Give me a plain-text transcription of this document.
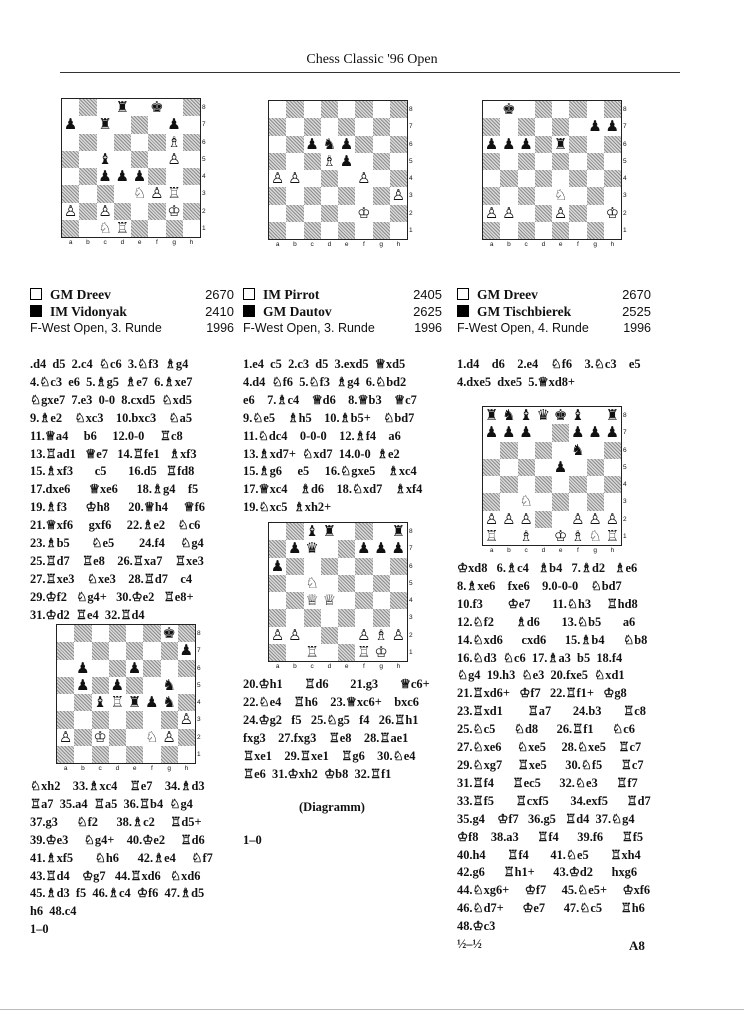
Chess Classic '96 Open
♜ ♚
♟ ♜	♟
♗
♝	♙
♟ ♟ ♟
♘ ♙ ♖
♙ ♙	♔
♘ ♖
♟ ♞ ♟
♗ ♟
♙ ♙	♙
♙
♔
♚
♟ ♟
♟ ♟ ♟ ♜
♘
♙ ♙	♙	♔
♝ ♜	♜
♟ ♛	♟ ♟ ♟
♟
♘
♕ ♕
♙ ♙	♙ ♗ ♙
♖	♖ ♔
♜ ♞ ♝ ♛ ♚ ♝ ♜
♟ ♟ ♟	♟ ♟ ♟
♞
♟
♘
♙ ♙ ♙	♙ ♙ ♙
♖ ♗ ♔ ♗ ♘ ♖
♚
♟
♟	♟
♟ ♟	♞
♝ ♖ ♜ ♟ ♞
♙
♙ ♔	♘ ♙
GM Dreev	2670
IM Vidonyak	2410
F-West Open, 3. Runde	1996
.d4  d5  2.c4  ♘c6  3.♘f3  ♗g4
4.♘c3  e6  5.♗g5  ♗e7  6.♗xe7
♘gxe7  7.e3  0-0  8.cxd5  ♘xd5
9.♗e2    ♘xc3    10.bxc3    ♘a5
11.♕a4     b6     12.0-0     ♖c8
13.♖ad1   ♕e7   14.♖fe1   ♗xf3
15.♗xf3       c5       16.d5   ♖fd8
17.dxe6      ♕xe6      18.♗g4    f5
19.♗f3      ♔h8      20.♕h4     ♕f6
21.♕xf6     gxf6     22.♗e2    ♘c6
23.♗b5       ♘e5        24.f4     ♘g4
25.♖d7    ♖e8    26.♖xa7    ♖xe3
27.♖xe3    ♘xe3    28.♖d7    c4
29.♔f2   ♘g4+   30.♔e2   ♖e8+
31.♔d2  ♖e4  32.♖d4
♘xh2    33.♗xc4    ♖e7    34.♗d3
♖a7  35.a4  ♖a5  36.♖b4  ♘g4
37.g3      ♘f2      38.♗c2     ♖d5+
39.♔e3     ♘g4+    40.♔e2     ♖d6
41.♗xf5       ♘h6      42.♗e4     ♘f7
43.♖d4    ♔g7   44.♖xd6   ♘xd6
45.♗d3  f5  46.♗c4  ♔f6  47.♗d5
h6  48.c4
1–0
IM Pirrot	2405
GM Dautov	2625
F-West Open, 3. Runde	1996
1.e4  c5  2.c3  d5  3.exd5  ♕xd5
4.d4  ♘f6  5.♘f3  ♗g4  6.♘bd2
e6    7.♗c4    ♕d6    8.♕b3    ♕c7
9.♘e5    ♗h5    10.♗b5+    ♘bd7
11.♘dc4    0-0-0    12.♗f4    a6
13.♗xd7+  ♘xd7  14.0-0  ♗e2
15.♗g6     e5     16.♘gxe5    ♗xc4
17.♕xc4    ♗d6    18.♘xd7    ♗xf4
19.♘xc5  ♗xh2+
20.♔h1       ♖d6       21.g3       ♕c6+
22.♘e4    ♖h6    23.♕xc6+    bxc6
24.♔g2   f5   25.♘g5   f4   26.♖h1
fxg3    27.fxg3    ♖e8    28.♖ae1
♖xe1    29.♖xe1    ♖g6    30.♘e4
♖e6  31.♔xh2  ♔b8  32.♖f1
(Diagramm)
1–0
GM Dreev	2670
GM Tischbierek	2525
F-West Open, 4. Runde	1996
1.d4    d6    2.e4    ♘f6    3.♘c3    e5
4.dxe5  dxe5  5.♕xd8+
♔xd8   6.♗c4   ♗b4   7.♗d2   ♗e6
8.♗xe6    fxe6    9.0-0-0    ♘bd7
10.f3        ♔e7       11.♘h3     ♖hd8
12.♘f2       ♗d6       13.♘b5       a6
14.♘xd6      cxd6      15.♗b4      ♘b8
16.♘d3  ♘c6  17.♗a3  b5  18.f4
♘g4  19.h3  ♘e3  20.fxe5  ♘xd1
21.♖xd6+   ♔f7   22.♖f1+   ♔g8
23.♖xd1        ♖a7       24.b3       ♖c8
25.♘c5      ♘d8      26.♖f1      ♘c6
27.♘xe6     ♘xe5     28.♘xe5    ♖c7
29.♘xg7     ♖xe5      30.♘f5      ♖c7
31.♖f4      ♖ec5      32.♘e3      ♖f7
33.♖f5       ♖cxf5       34.exf5      ♖d7
35.g4    ♔f7   36.g5   ♖d4  37.♘g4
♔f8    38.a3      ♖f4      39.f6      ♖f5
40.h4       ♖f4       41.♘e5       ♖xh4
42.g6      ♖h1+      43.♔d2      hxg6
44.♘xg6+     ♔f7     45.♘e5+     ♔xf6
46.♘d7+      ♔e7      47.♘c5      ♖h6
48.♔c3
½–½	A8
8
7
6
5
4
3
2
1
a b c d e f g h
8
7
6
5
4
3
2
1
a b c d e f g h
8
7
6
5
4
3
2
1
a b c d e f g h
8
7
6
5
4
3
2
1
a b c d e f g h
8
7
6
5
4
3
2
1
a b c d e f g h
8
7
6
5
4
3
2
1
a b c d e f g h
